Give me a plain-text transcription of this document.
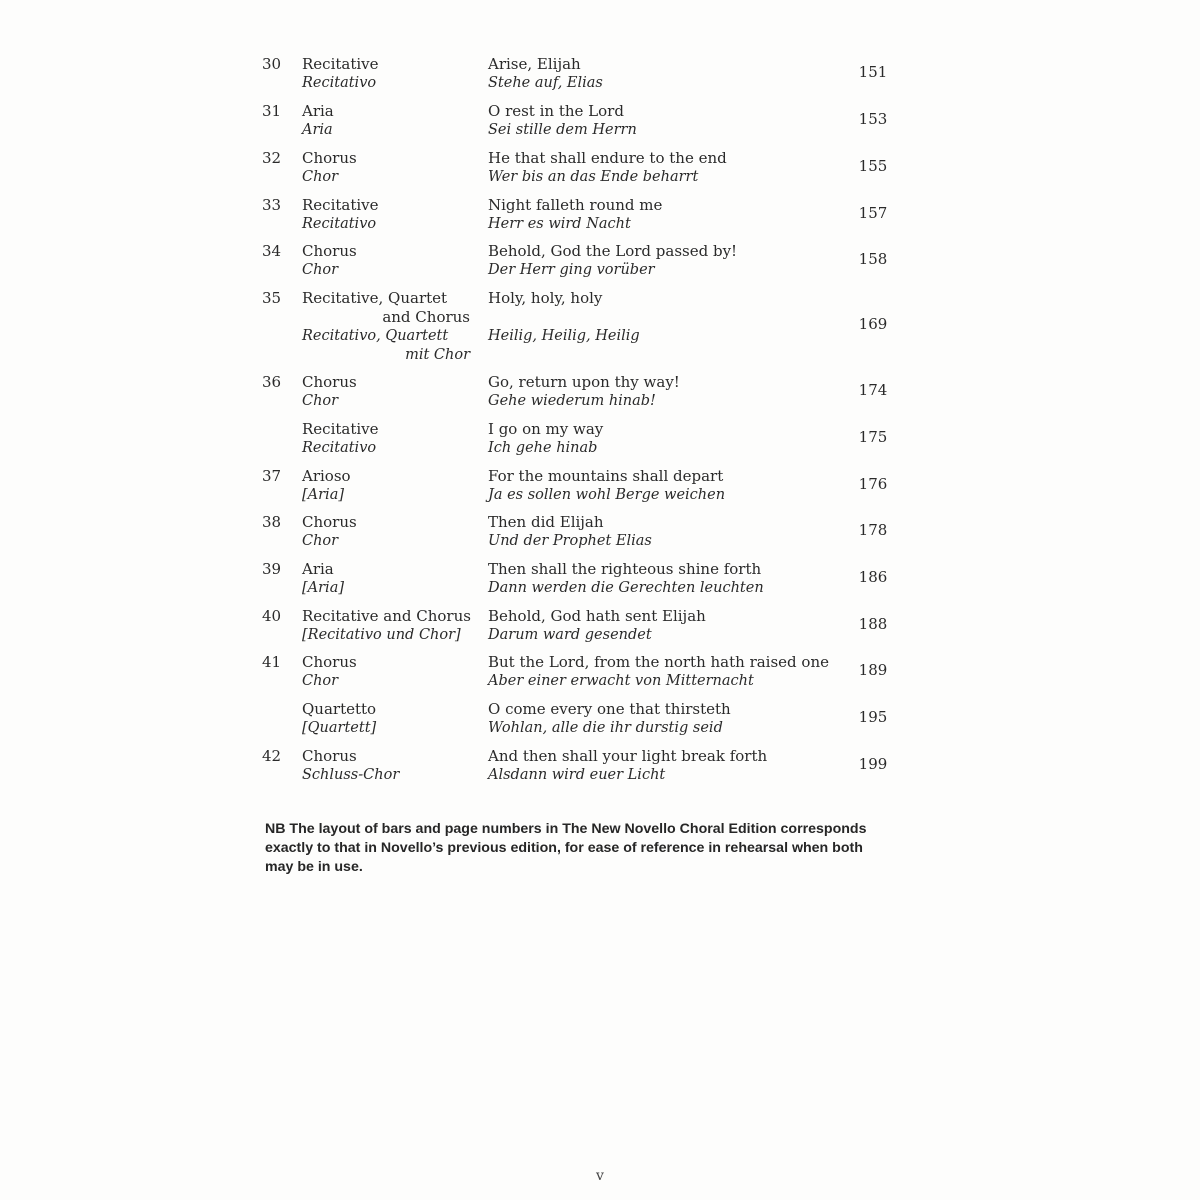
30 Recitative
Recitativo
Arise, Elijah
Stehe auf, Elias
151
31 Aria
Aria
O rest in the Lord
Sei stille dem Herrn
153
32 Chorus
Chor
He that shall endure to the end
Wer bis an das Ende beharrt
155
33 Recitative
Recitativo
Night falleth round me
Herr es wird Nacht
157
34 Chorus
Chor
Behold, God the Lord passed by!
Der Herr ging vorüber
158
35 Recitative, Quartet
and Chorus
Recitativo, Quartett
mit Chor
Holy, holy, holy
Heilig, Heilig, Heilig
169
36 Chorus
Chor
Go, return upon thy way!
Gehe wiederum hinab!
174
Recitative
Recitativo
I go on my way
Ich gehe hinab
175
37 Arioso
[Aria]
For the mountains shall depart
Ja es sollen wohl Berge weichen
176
38 Chorus
Chor
Then did Elijah
Und der Prophet Elias
178
39 Aria
[Aria]
Then shall the righteous shine forth
Dann werden die Gerechten leuchten
186
40 Recitative and Chorus
[Recitativo und Chor]
Behold, God hath sent Elijah
Darum ward gesendet
188
41 Chorus
Chor
But the Lord, from the north hath raised one
Aber einer erwacht von Mitternacht
189
Quartetto
[Quartett]
O come every one that thirsteth
Wohlan, alle die ihr durstig seid
195
42 Chorus
Schluss-Chor
And then shall your light break forth
Alsdann wird euer Licht
199

NB The layout of bars and page numbers in The New Novello Choral Edition corresponds exactly to that in Novello’s previous edition, for ease of reference in rehearsal when both may be in use.

v
